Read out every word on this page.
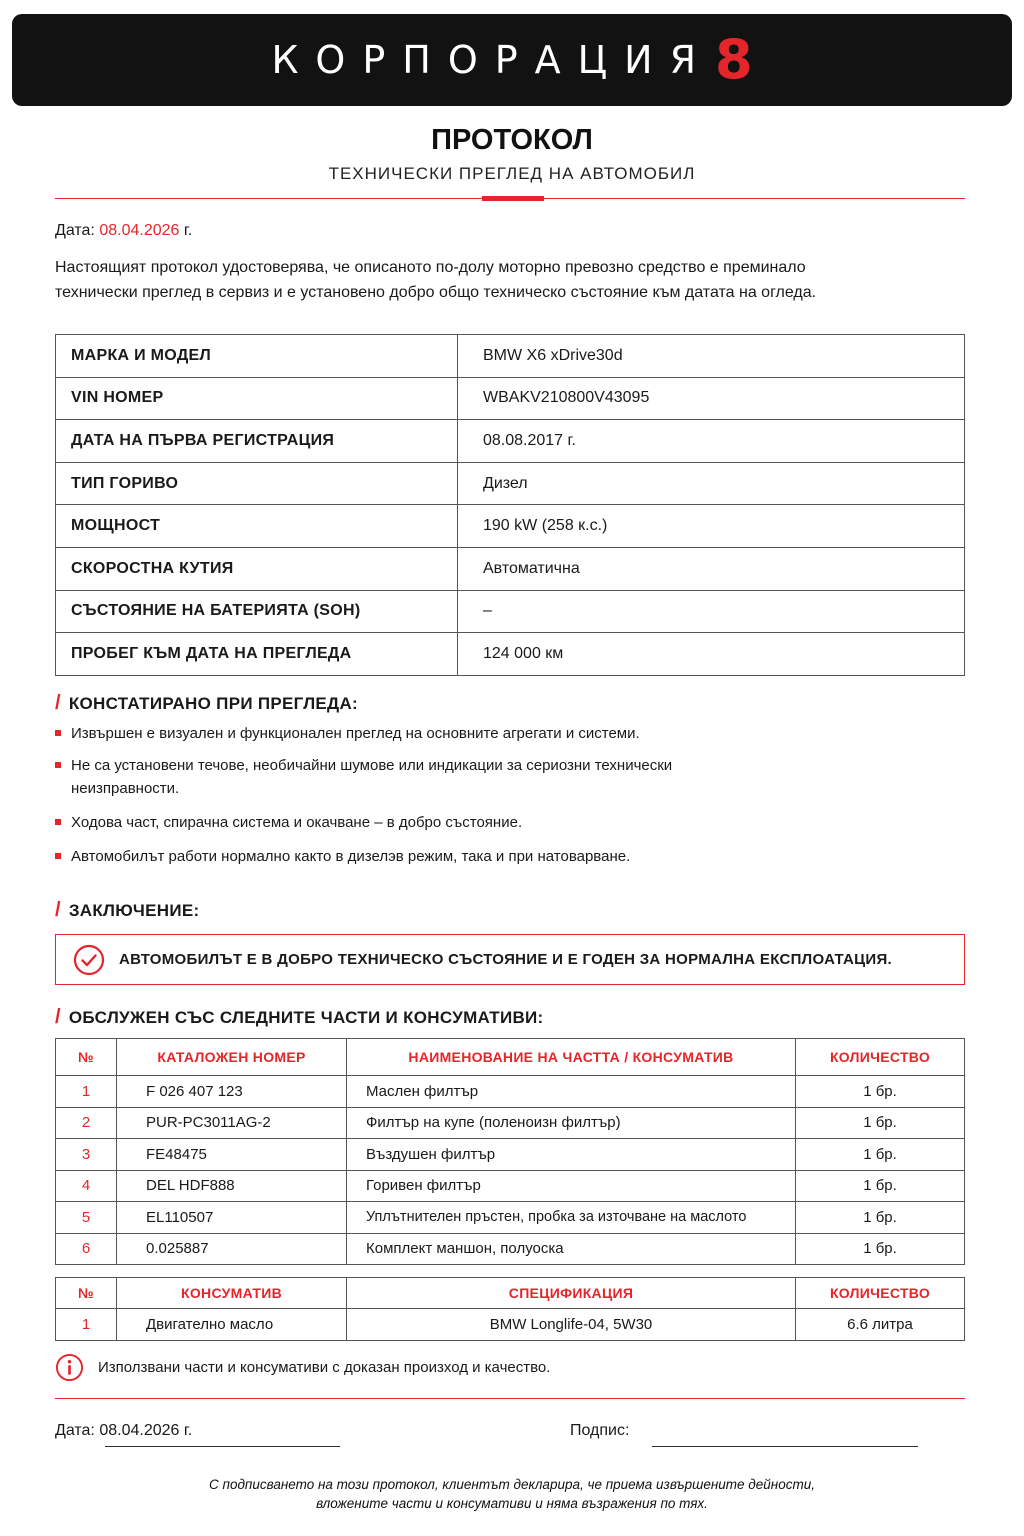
КОРПОРАЦИЯ 8
ПРОТОКОЛ
ТЕХНИЧЕСКИ ПРЕГЛЕД НА АВТОМОБИЛ
Дата: 08.04.2026 г.
Настоящият протокол удостоверява, че описаното по-долу моторно превозно средство е преминало технически преглед в сервиз и е установено добро общо техническо състояние към датата на огледа.
МАРКА И МОДЕЛ	BMW X6 xDrive30d
VIN НОМЕР	WBAKV210800V43095
ДАТА НА ПЪРВА РЕГИСТРАЦИЯ	08.08.2017 г.
ТИП ГОРИВО	Дизел
МОЩНОСТ	190 kW (258 к.с.)
СКОРОСТНА КУТИЯ	Автоматична
СЪСТОЯНИЕ НА БАТЕРИЯТА (SOH)	–
ПРОБЕГ КЪМ ДАТА НА ПРЕГЛЕДА	124 000 км
/ КОНСТАТИРАНО ПРИ ПРЕГЛЕДА:
Извършен е визуален и функционален преглед на основните агрегати и системи.
Не са установени течове, необичайни шумове или индикации за сериозни технически неизправности.
Ходова част, спирачна система и окачване – в добро състояние.
Автомобилът работи нормално както в дизелэв режим, така и при натоварване.
/ ЗАКЛЮЧЕНИЕ:
АВТОМОБИЛЪТ Е В ДОБРО ТЕХНИЧЕСКО СЪСТОЯНИЕ И Е ГОДЕН ЗА НОРМАЛНА ЕКСПЛОАТАЦИЯ.
/ ОБСЛУЖЕН СЪС СЛЕДНИТЕ ЧАСТИ И КОНСУМАТИВИ:
№	КАТАЛОЖЕН НОМЕР	НАИМЕНОВАНИЕ НА ЧАСТТА / КОНСУМАТИВ	КОЛИЧЕСТВО
1	F 026 407 123	Маслен филтър	1 бр.
2	PUR-PC3011AG-2	Филтър на купе (поленоизн филтър)	1 бр.
3	FE48475	Въздушен филтър	1 бр.
4	DEL HDF888	Горивен филтър	1 бр.
5	EL110507	Уплътнителен пръстен, пробка за източване на маслото	1 бр.
6	0.025887	Комплект маншон, полуоска	1 бр.
№	КОНСУМАТИВ	СПЕЦИФИКАЦИЯ	КОЛИЧЕСТВО
1	Двигателно масло	BMW Longlife-04, 5W30	6.6 литра
Използвани части и консумативи с доказан произход и качество.
Дата: 08.04.2026 г.	Подпис:
С подписването на този протокол, клиентът декларира, че приема извършените дейности,
вложените части и консумативи и няма възражения по тях.
